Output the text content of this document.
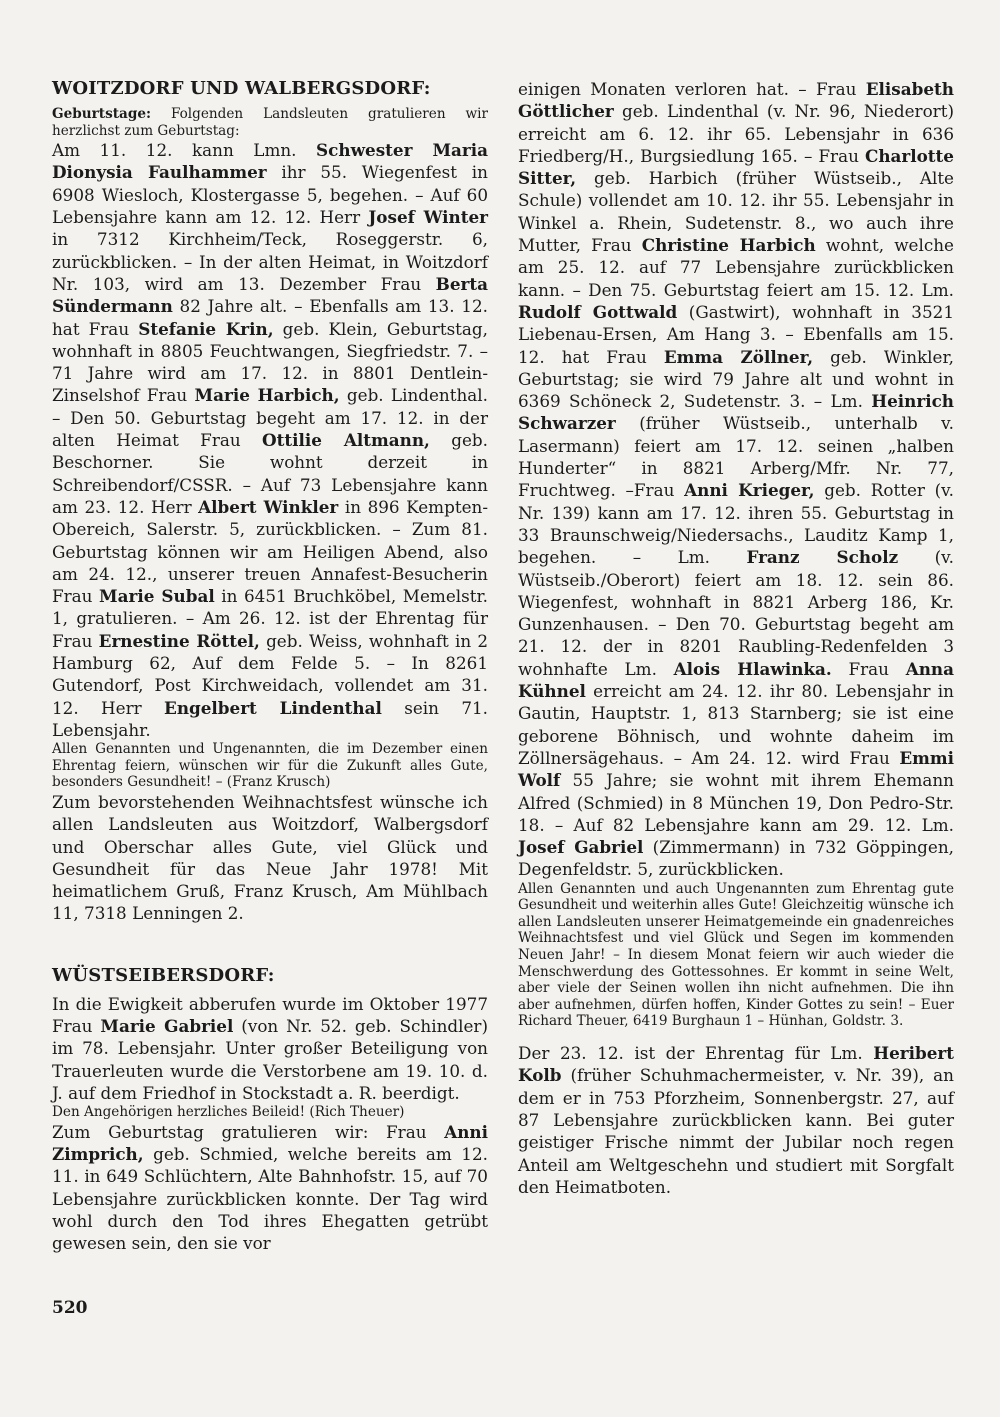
WOITZDORF UND WALBERGSDORF:

Geburtstage: Folgenden Landsleuten gratulieren wir herzlichst zum Geburtstag:

Am 11. 12. kann Lmn. Schwester Maria Dionysia Faulhammer ihr 55. Wiegenfest in 6908 Wiesloch, Klostergasse 5, begehen. – Auf 60 Lebensjahre kann am 12. 12. Herr Josef Winter in 7312 Kirchheim/Teck, Roseggerstr. 6, zurückblicken. – In der alten Heimat, in Woitzdorf Nr. 103, wird am 13. Dezember Frau Berta Sündermann 82 Jahre alt. – Ebenfalls am 13. 12. hat Frau Stefanie Krin, geb. Klein, Geburtstag, wohnhaft in 8805 Feuchtwangen, Siegfriedstr. 7. – 71 Jahre wird am 17. 12. in 8801 Dentlein-Zinselshof Frau Marie Harbich, geb. Lindenthal. – Den 50. Geburtstag begeht am 17. 12. in der alten Heimat Frau Ottilie Altmann, geb. Beschorner. Sie wohnt derzeit in Schreibendorf/CSSR. – Auf 73 Lebensjahre kann am 23. 12. Herr Albert Winkler in 896 Kempten-Obereich, Salerstr. 5, zurückblicken. – Zum 81. Geburtstag können wir am Heiligen Abend, also am 24. 12., unserer treuen Annafest-Besucherin Frau Marie Subal in 6451 Bruchköbel, Memelstr. 1, gratulieren. – Am 26. 12. ist der Ehrentag für Frau Ernestine Röttel, geb. Weiss, wohnhaft in 2 Hamburg 62, Auf dem Felde 5. – In 8261 Gutendorf, Post Kirchweidach, vollendet am 31. 12. Herr Engelbert Lindenthal sein 71. Lebensjahr.

Allen Genannten und Ungenannten, die im Dezember einen Ehrentag feiern, wünschen wir für die Zukunft alles Gute, besonders Gesundheit! – (Franz Krusch)

Zum bevorstehenden Weihnachtsfest wünsche ich allen Landsleuten aus Woitzdorf, Walbergsdorf und Oberschar alles Gute, viel Glück und Gesundheit für das Neue Jahr 1978! Mit heimatlichem Gruß, Franz Krusch, Am Mühlbach 11, 7318 Lenningen 2.

WÜSTSEIBERSDORF:

In die Ewigkeit abberufen wurde im Oktober 1977 Frau Marie Gabriel (von Nr. 52. geb. Schindler) im 78. Lebensjahr. Unter großer Beteiligung von Trauerleuten wurde die Verstorbene am 19. 10. d. J. auf dem Friedhof in Stockstadt a. R. beerdigt.

Den Angehörigen herzliches Beileid! (Rich Theuer)

Zum Geburtstag gratulieren wir: Frau Anni Zimprich, geb. Schmied, welche bereits am 12. 11. in 649 Schlüchtern, Alte Bahnhofstr. 15, auf 70 Lebensjahre zurückblicken konnte. Der Tag wird wohl durch den Tod ihres Ehegatten getrübt gewesen sein, den sie vor

einigen Monaten verloren hat. – Frau Elisabeth Göttlicher geb. Lindenthal (v. Nr. 96, Niederort) erreicht am 6. 12. ihr 65. Lebensjahr in 636 Friedberg/H., Burgsiedlung 165. – Frau Charlotte Sitter, geb. Harbich (früher Wüstseib., Alte Schule) vollendet am 10. 12. ihr 55. Lebensjahr in Winkel a. Rhein, Sudetenstr. 8., wo auch ihre Mutter, Frau Christine Harbich wohnt, welche am 25. 12. auf 77 Lebensjahre zurückblicken kann. – Den 75. Geburtstag feiert am 15. 12. Lm. Rudolf Gottwald (Gastwirt), wohnhaft in 3521 Liebenau-Ersen, Am Hang 3. – Ebenfalls am 15. 12. hat Frau Emma Zöllner, geb. Winkler, Geburtstag; sie wird 79 Jahre alt und wohnt in 6369 Schöneck 2, Sudetenstr. 3. – Lm. Heinrich Schwarzer (früher Wüstseib., unterhalb v. Lasermann) feiert am 17. 12. seinen „halben Hunderter“ in 8821 Arberg/Mfr. Nr. 77, Fruchtweg. –Frau Anni Krieger, geb. Rotter (v. Nr. 139) kann am 17. 12. ihren 55. Geburtstag in 33 Braunschweig/Niedersachs., Lauditz Kamp 1, begehen. – Lm. Franz Scholz (v. Wüstseib./Oberort) feiert am 18. 12. sein 86. Wiegenfest, wohnhaft in 8821 Arberg 186, Kr. Gunzenhausen. – Den 70. Geburtstag begeht am 21. 12. der in 8201 Raubling-Redenfelden 3 wohnhafte Lm. Alois Hlawinka. Frau Anna Kühnel erreicht am 24. 12. ihr 80. Lebensjahr in Gautin, Hauptstr. 1, 813 Starnberg; sie ist eine geborene Böhnisch, und wohnte daheim im Zöllnersägehaus. – Am 24. 12. wird Frau Emmi Wolf 55 Jahre; sie wohnt mit ihrem Ehemann Alfred (Schmied) in 8 München 19, Don Pedro-Str. 18. – Auf 82 Lebensjahre kann am 29. 12. Lm. Josef Gabriel (Zimmermann) in 732 Göppingen, Degenfeldstr. 5, zurückblicken.

Allen Genannten und auch Ungenannten zum Ehrentag gute Gesundheit und weiterhin alles Gute! Gleichzeitig wünsche ich allen Landsleuten unserer Heimatgemeinde ein gnadenreiches Weihnachtsfest und viel Glück und Segen im kommenden Neuen Jahr! – In diesem Monat feiern wir auch wieder die Menschwerdung des Gottessohnes. Er kommt in seine Welt, aber viele der Seinen wollen ihn nicht aufnehmen. Die ihn aber aufnehmen, dürfen hoffen, Kinder Gottes zu sein! – Euer Richard Theuer, 6419 Burghaun 1 – Hünhan, Goldstr. 3.

Der 23. 12. ist der Ehrentag für Lm. Heribert Kolb (früher Schuhmachermeister, v. Nr. 39), an dem er in 753 Pforzheim, Sonnenbergstr. 27, auf 87 Lebensjahre zurückblicken kann. Bei guter geistiger Frische nimmt der Jubilar noch regen Anteil am Weltgeschehn und studiert mit Sorgfalt den Heimatboten.

520
